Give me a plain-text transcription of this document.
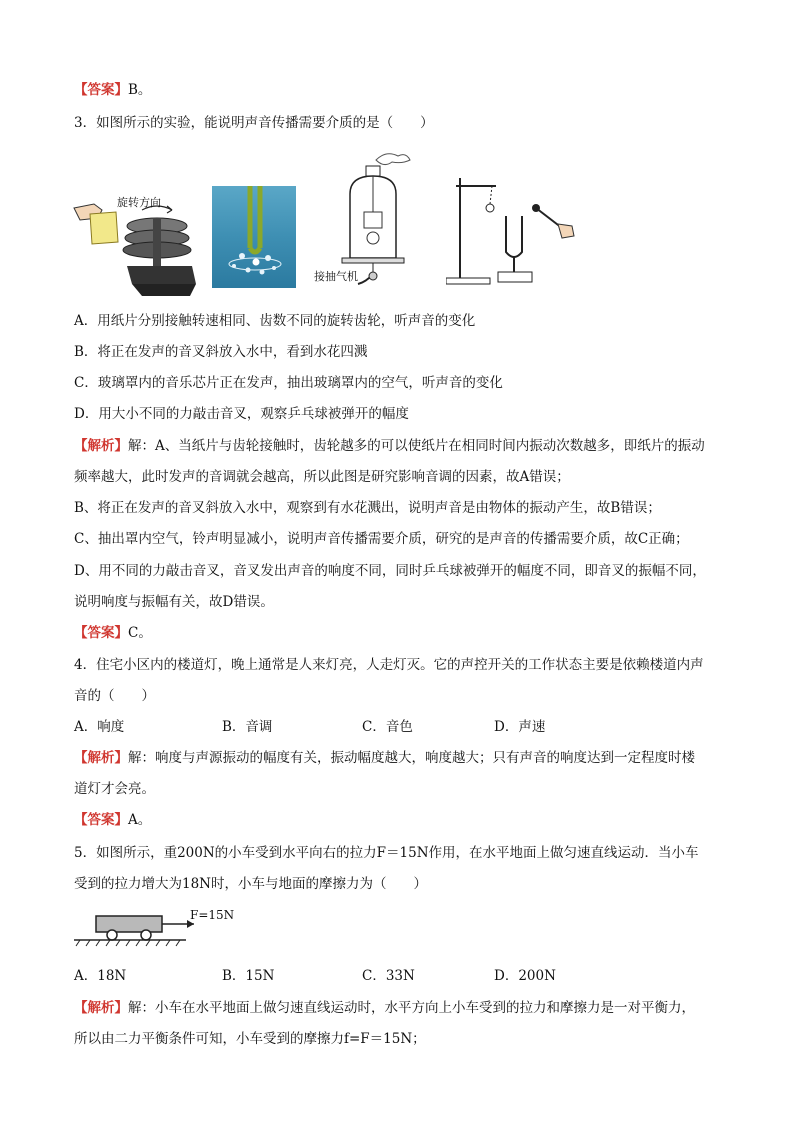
【答案】B。
3．如图所示的实验，能说明声音传播需要介质的是（　　）
旋转方向
接抽气机
A．用纸片分别接触转速相同、齿数不同的旋转齿轮，听声音的变化
B．将正在发声的音叉斜放入水中，看到水花四溅
C．玻璃罩内的音乐芯片正在发声，抽出玻璃罩内的空气，听声音的变化
D．用大小不同的力敲击音叉，观察乒乓球被弹开的幅度
【解析】解：A、当纸片与齿轮接触时，齿轮越多的可以使纸片在相同时间内振动次数越多，即纸片的振动
频率越大，此时发声的音调就会越高，所以此图是研究影响音调的因素，故A错误；
B、将正在发声的音叉斜放入水中，观察到有水花溅出，说明声音是由物体的振动产生，故B错误；
C、抽出罩内空气，铃声明显减小，说明声音传播需要介质，研究的是声音的传播需要介质，故C正确；
D、用不同的力敲击音叉，音叉发出声音的响度不同，同时乒乓球被弹开的幅度不同，即音叉的振幅不同，
说明响度与振幅有关，故D错误。
【答案】C。
4．住宅小区内的楼道灯，晚上通常是人来灯亮，人走灯灭。它的声控开关的工作状态主要是依赖楼道内声
音的（　　）
A．响度	B．音调	C．音色	D．声速
【解析】解：响度与声源振动的幅度有关，振动幅度越大，响度越大；只有声音的响度达到一定程度时楼
道灯才会亮。
【答案】A。
5．如图所示，重200N的小车受到水平向右的拉力F＝15N作用，在水平地面上做匀速直线运动．当小车
受到的拉力增大为18N时，小车与地面的摩擦力为（　　）
F=15N
A．18N	B．15N	C．33N	D．200N
【解析】解：小车在水平地面上做匀速直线运动时，水平方向上小车受到的拉力和摩擦力是一对平衡力，
所以由二力平衡条件可知，小车受到的摩擦力f=F＝15N；
